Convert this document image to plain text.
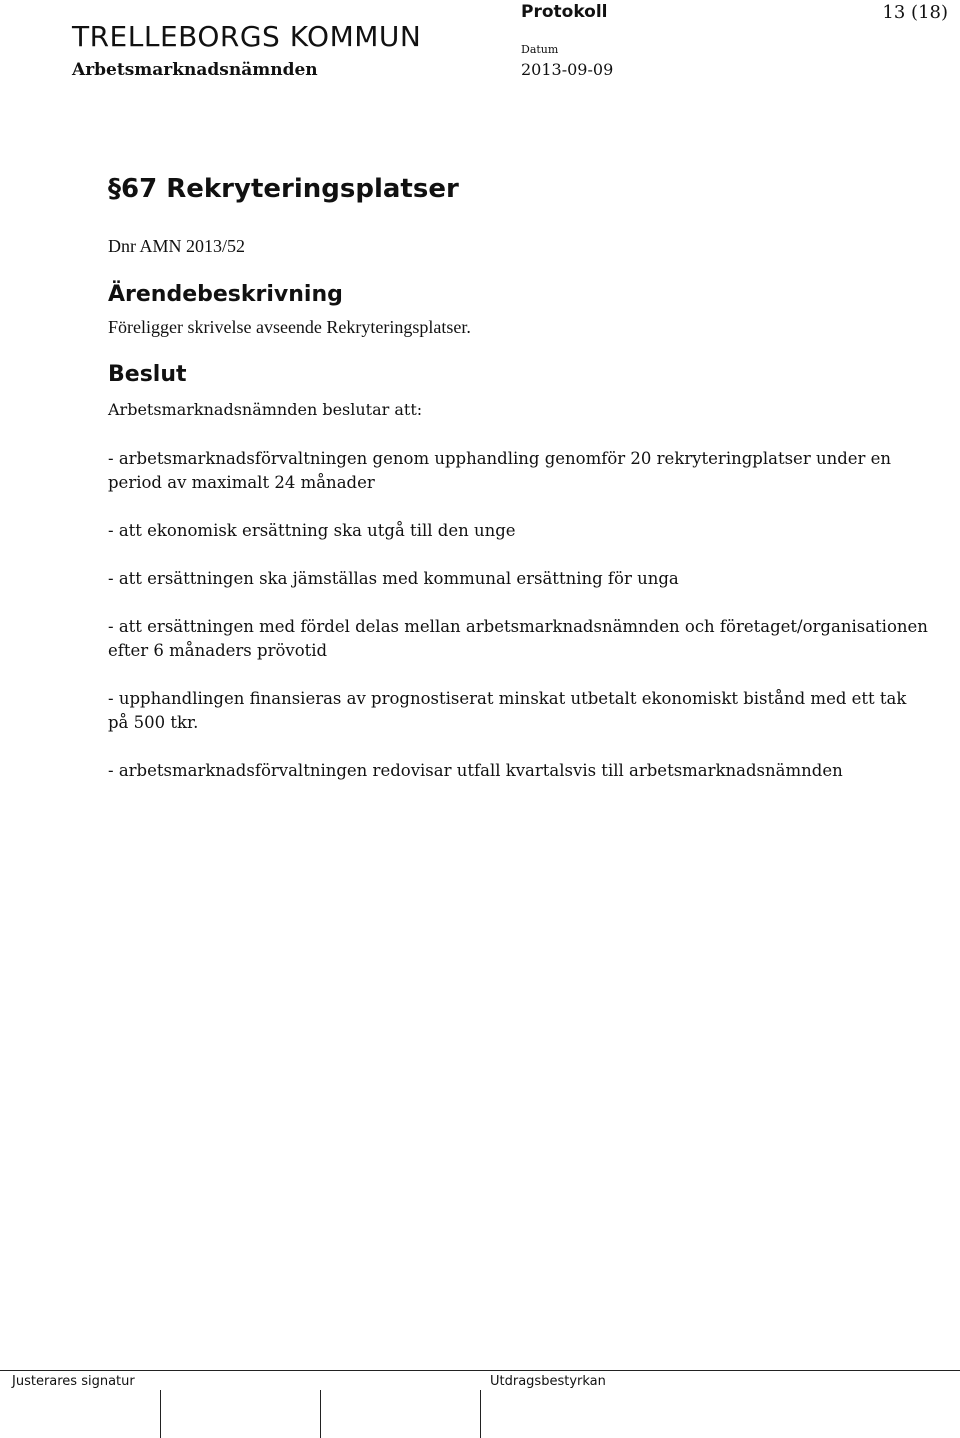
TRELLEBORGS KOMMUN
Arbetsmarknadsnämnden
Protokoll
Datum
2013-09-09
13 (18)
§67 Rekryteringsplatser
Dnr AMN 2013/52
Ärendebeskrivning
Föreligger skrivelse avseende Rekryteringsplatser.
Beslut
Arbetsmarknadsnämnden beslutar att:

- arbetsmarknadsförvaltningen genom upphandling genomför 20 rekryteringplatser under en period av maximalt 24 månader

- att ekonomisk ersättning ska utgå till den unge

- att ersättningen ska jämställas med kommunal ersättning för unga

- att ersättningen med fördel delas mellan arbetsmarknadsnämnden och företaget/organisationen efter 6 månaders prövotid

- upphandlingen finansieras av prognostiserat minskat utbetalt ekonomiskt bistånd med ett tak på 500 tkr.

- arbetsmarknadsförvaltningen redovisar utfall kvartalsvis till arbetsmarknadsnämnden

Justerares signatur	Utdragsbestyrkan
